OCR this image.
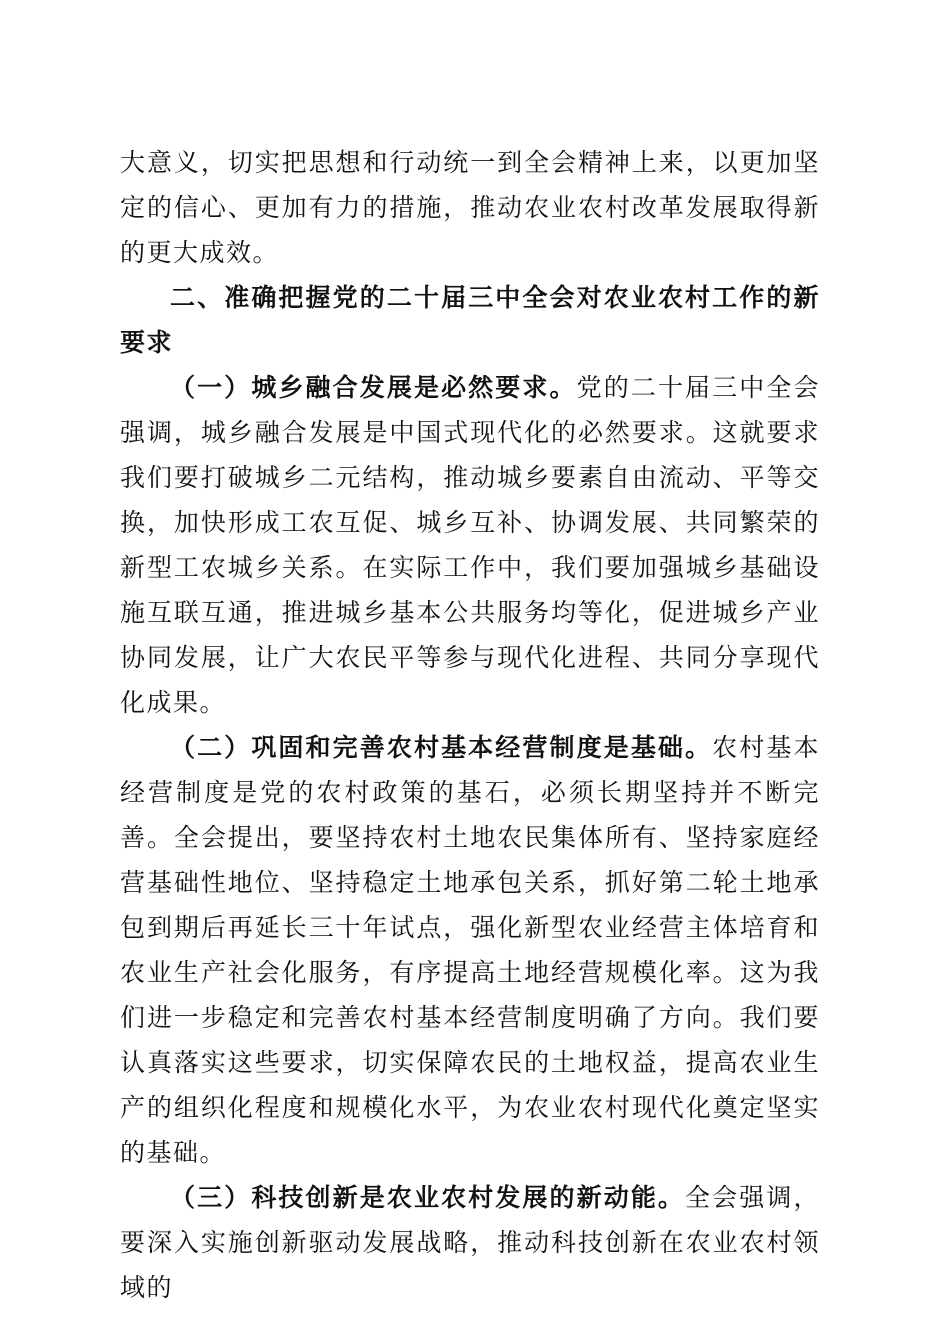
大意义，切实把思想和行动统一到全会精神上来，以更加坚定的信心、更加有力的措施，推动农业农村改革发展取得新的更大成效。

二、准确把握党的二十届三中全会对农业农村工作的新要求

（一）城乡融合发展是必然要求。党的二十届三中全会强调，城乡融合发展是中国式现代化的必然要求。这就要求我们要打破城乡二元结构，推动城乡要素自由流动、平等交换，加快形成工农互促、城乡互补、协调发展、共同繁荣的新型工农城乡关系。在实际工作中，我们要加强城乡基础设施互联互通，推进城乡基本公共服务均等化，促进城乡产业协同发展，让广大农民平等参与现代化进程、共同分享现代化成果。

（二）巩固和完善农村基本经营制度是基础。农村基本经营制度是党的农村政策的基石，必须长期坚持并不断完善。全会提出，要坚持农村土地农民集体所有、坚持家庭经营基础性地位、坚持稳定土地承包关系，抓好第二轮土地承包到期后再延长三十年试点，强化新型农业经营主体培育和农业生产社会化服务，有序提高土地经营规模化率。这为我们进一步稳定和完善农村基本经营制度明确了方向。我们要认真落实这些要求，切实保障农民的土地权益，提高农业生产的组织化程度和规模化水平，为农业农村现代化奠定坚实的基础。

（三）科技创新是农业农村发展的新动能。全会强调，要深入实施创新驱动发展战略，推动科技创新在农业农村领域的
